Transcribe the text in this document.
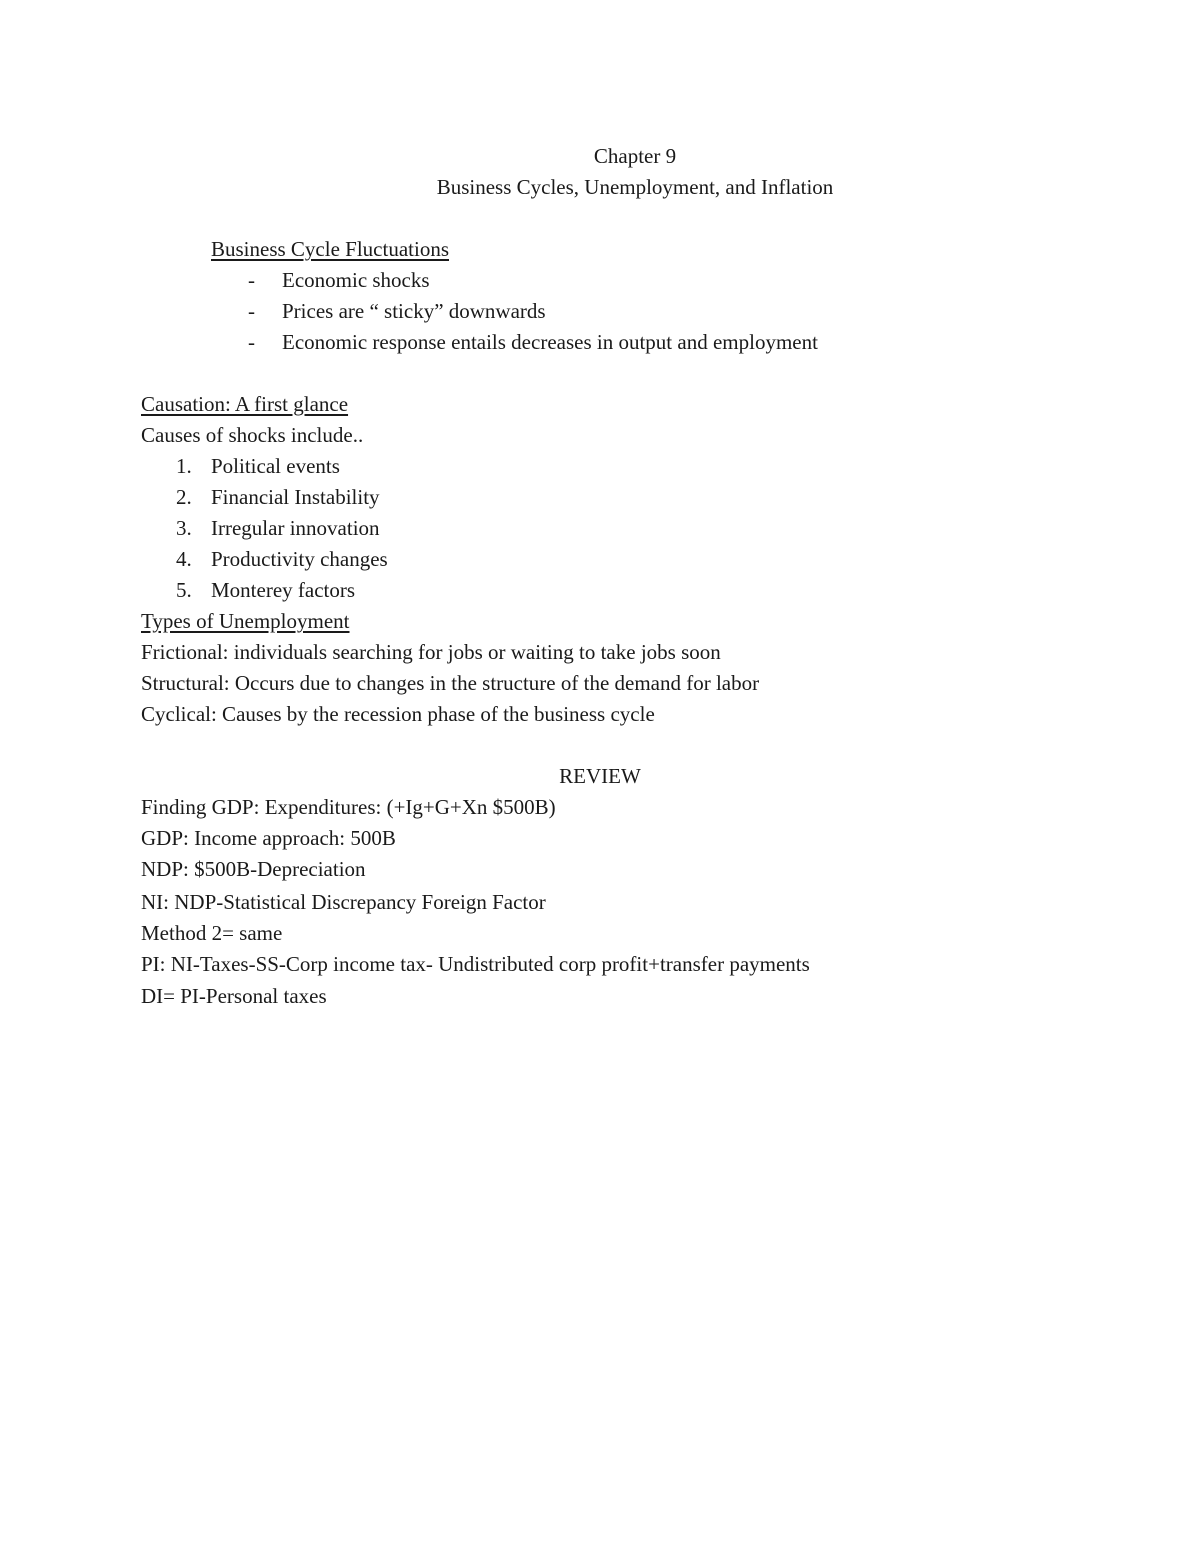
Chapter 9
Business Cycles, Unemployment, and Inflation
Business Cycle Fluctuations
- Economic shocks
- Prices are “ sticky” downwards
- Economic response entails decreases in output and employment
Causation: A first glance
Causes of shocks include..
1. Political events
2. Financial Instability
3. Irregular innovation
4. Productivity changes
5. Monterey factors
Types of Unemployment
Frictional: individuals searching for jobs or waiting to take jobs soon
Structural: Occurs due to changes in the structure of the demand for labor
Cyclical: Causes by the recession phase of the business cycle
REVIEW
Finding GDP: Expenditures: (+Ig+G+Xn $500B)
GDP: Income approach: 500B
NDP: $500B-Depreciation
NI: NDP-Statistical Discrepancy Foreign Factor
Method 2= same
PI: NI-Taxes-SS-Corp income tax- Undistributed corp profit+transfer payments
DI= PI-Personal taxes
